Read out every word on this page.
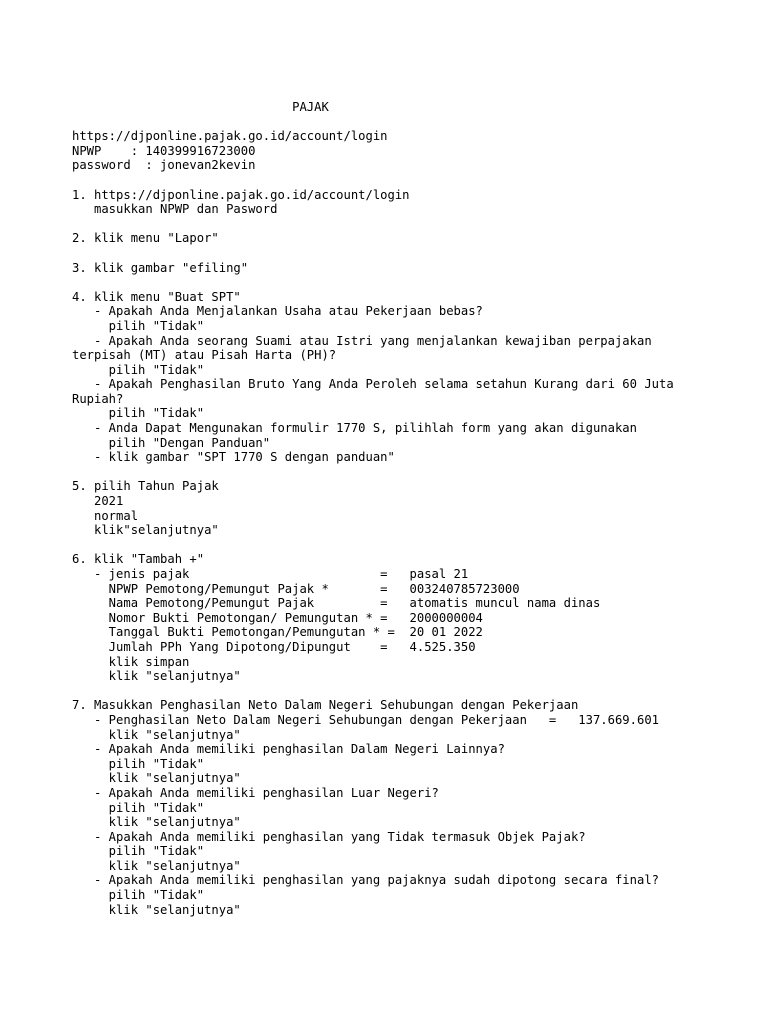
PAJAK
https://djponline.pajak.go.id/account/login
NPWP    : 140399916723000
password  : jonevan2kevin
1. https://djponline.pajak.go.id/account/login
masukkan NPWP dan Pasword
2. klik menu "Lapor"
3. klik gambar "efiling"
4. klik menu "Buat SPT"
- Apakah Anda Menjalankan Usaha atau Pekerjaan bebas?
pilih "Tidak"
- Apakah Anda seorang Suami atau Istri yang menjalankan kewajiban perpajakan
terpisah (MT) atau Pisah Harta (PH)?
pilih "Tidak"
- Apakah Penghasilan Bruto Yang Anda Peroleh selama setahun Kurang dari 60 Juta
Rupiah?
pilih "Tidak"
- Anda Dapat Mengunakan formulir 1770 S, pilihlah form yang akan digunakan
pilih "Dengan Panduan"
- klik gambar "SPT 1770 S dengan panduan"
5. pilih Tahun Pajak
2021
normal
klik"selanjutnya"
6. klik "Tambah +"
- jenis pajak                          =   pasal 21
NPWP Pemotong/Pemungut Pajak *       =   003240785723000
Nama Pemotong/Pemungut Pajak         =   atomatis muncul nama dinas
Nomor Bukti Pemotongan/ Pemungutan * =   2000000004
Tanggal Bukti Pemotongan/Pemungutan * =  20 01 2022
Jumlah PPh Yang Dipotong/Dipungut    =   4.525.350
klik simpan
klik "selanjutnya"
7. Masukkan Penghasilan Neto Dalam Negeri Sehubungan dengan Pekerjaan
- Penghasilan Neto Dalam Negeri Sehubungan dengan Pekerjaan   =   137.669.601
klik "selanjutnya"
- Apakah Anda memiliki penghasilan Dalam Negeri Lainnya?
pilih "Tidak"
klik "selanjutnya"
- Apakah Anda memiliki penghasilan Luar Negeri?
pilih "Tidak"
klik "selanjutnya"
- Apakah Anda memiliki penghasilan yang Tidak termasuk Objek Pajak?
pilih "Tidak"
klik "selanjutnya"
- Apakah Anda memiliki penghasilan yang pajaknya sudah dipotong secara final?
pilih "Tidak"
klik "selanjutnya"
